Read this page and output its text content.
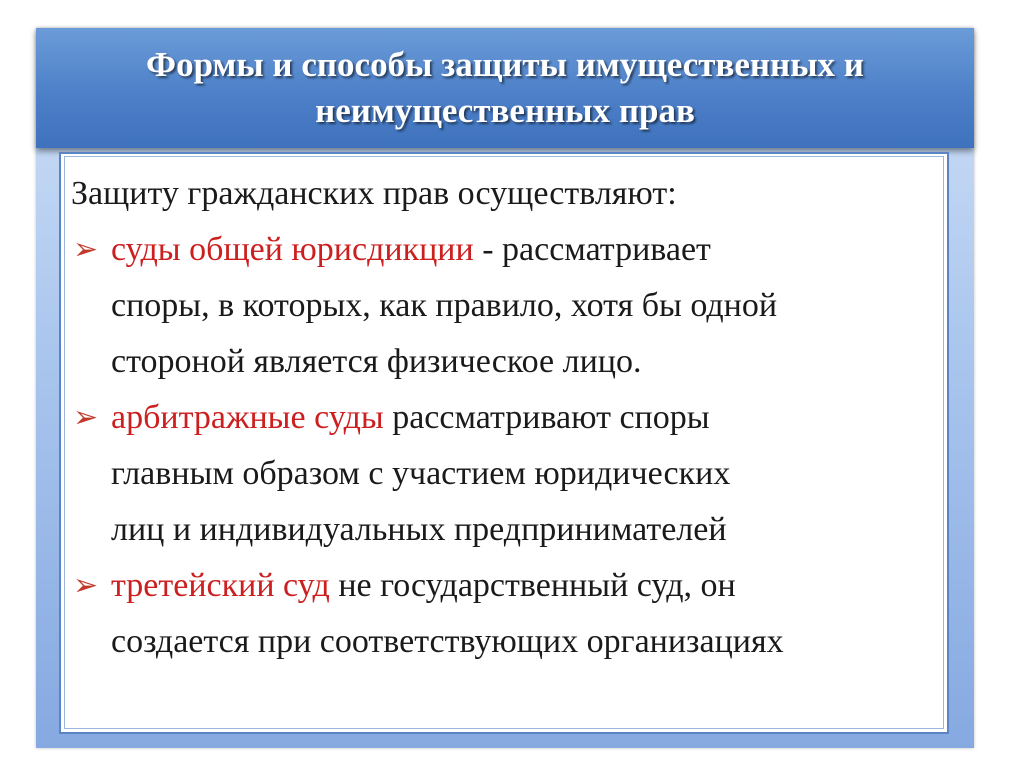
Формы и способы защиты имущественных и
неимущественных прав

Защиту гражданских прав осуществляют:

➢ суды общей юрисдикции - рассматривает
споры, в которых, как правило, хотя бы одной
стороной является физическое лицо.
➢ арбитражные суды рассматривают споры
главным образом с участием юридических
лиц и индивидуальных предпринимателей
➢ третейский суд не государственный суд, он
создается при соответствующих организациях
